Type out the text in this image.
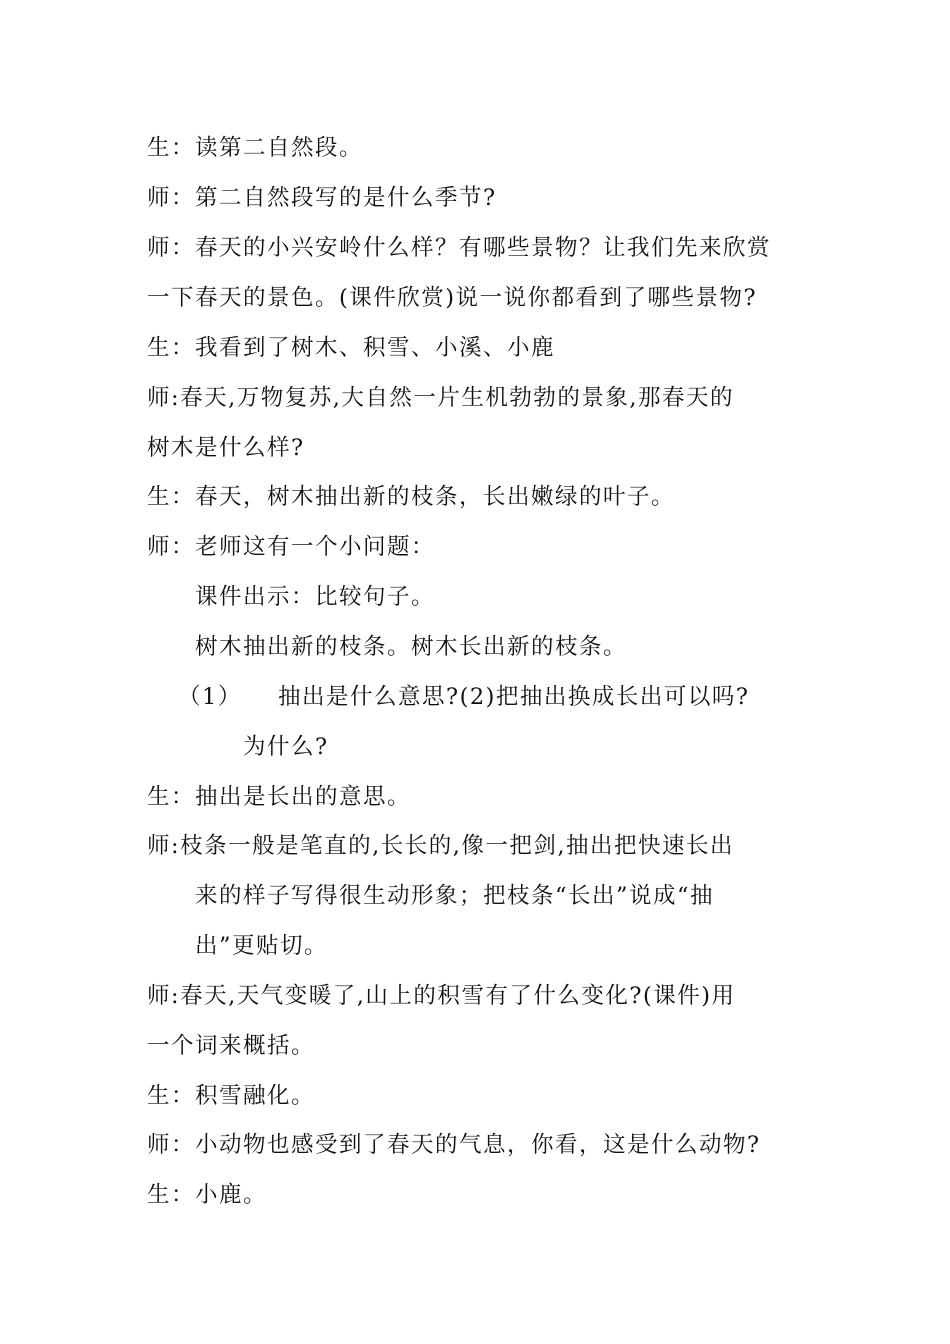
生：读第二自然段。
师：第二自然段写的是什么季节?
师：春天的小兴安岭什么样？有哪些景物？让我们先来欣赏
一下春天的景色。(课件欣赏)说一说你都看到了哪些景物?
生：我看到了树木、积雪、小溪、小鹿
师:春天,万物复苏,大自然一片生机勃勃的景象,那春天的
树木是什么样?
生：春天，树木抽出新的枝条，长出嫩绿的叶子。
师：老师这有一个小问题：
课件出示：比较句子。
树木抽出新的枝条。树木长出新的枝条。
（1） 抽出是什么意思?(2)把抽出换成长出可以吗?
为什么?
生：抽出是长出的意思。
师:枝条一般是笔直的,长长的,像一把剑,抽出把快速长出
来的样子写得很生动形象；把枝条“长出”说成“抽
出”更贴切。
师:春天,天气变暖了,山上的积雪有了什么变化?(课件)用
一个词来概括。
生：积雪融化。
师：小动物也感受到了春天的气息，你看，这是什么动物?
生：小鹿。
